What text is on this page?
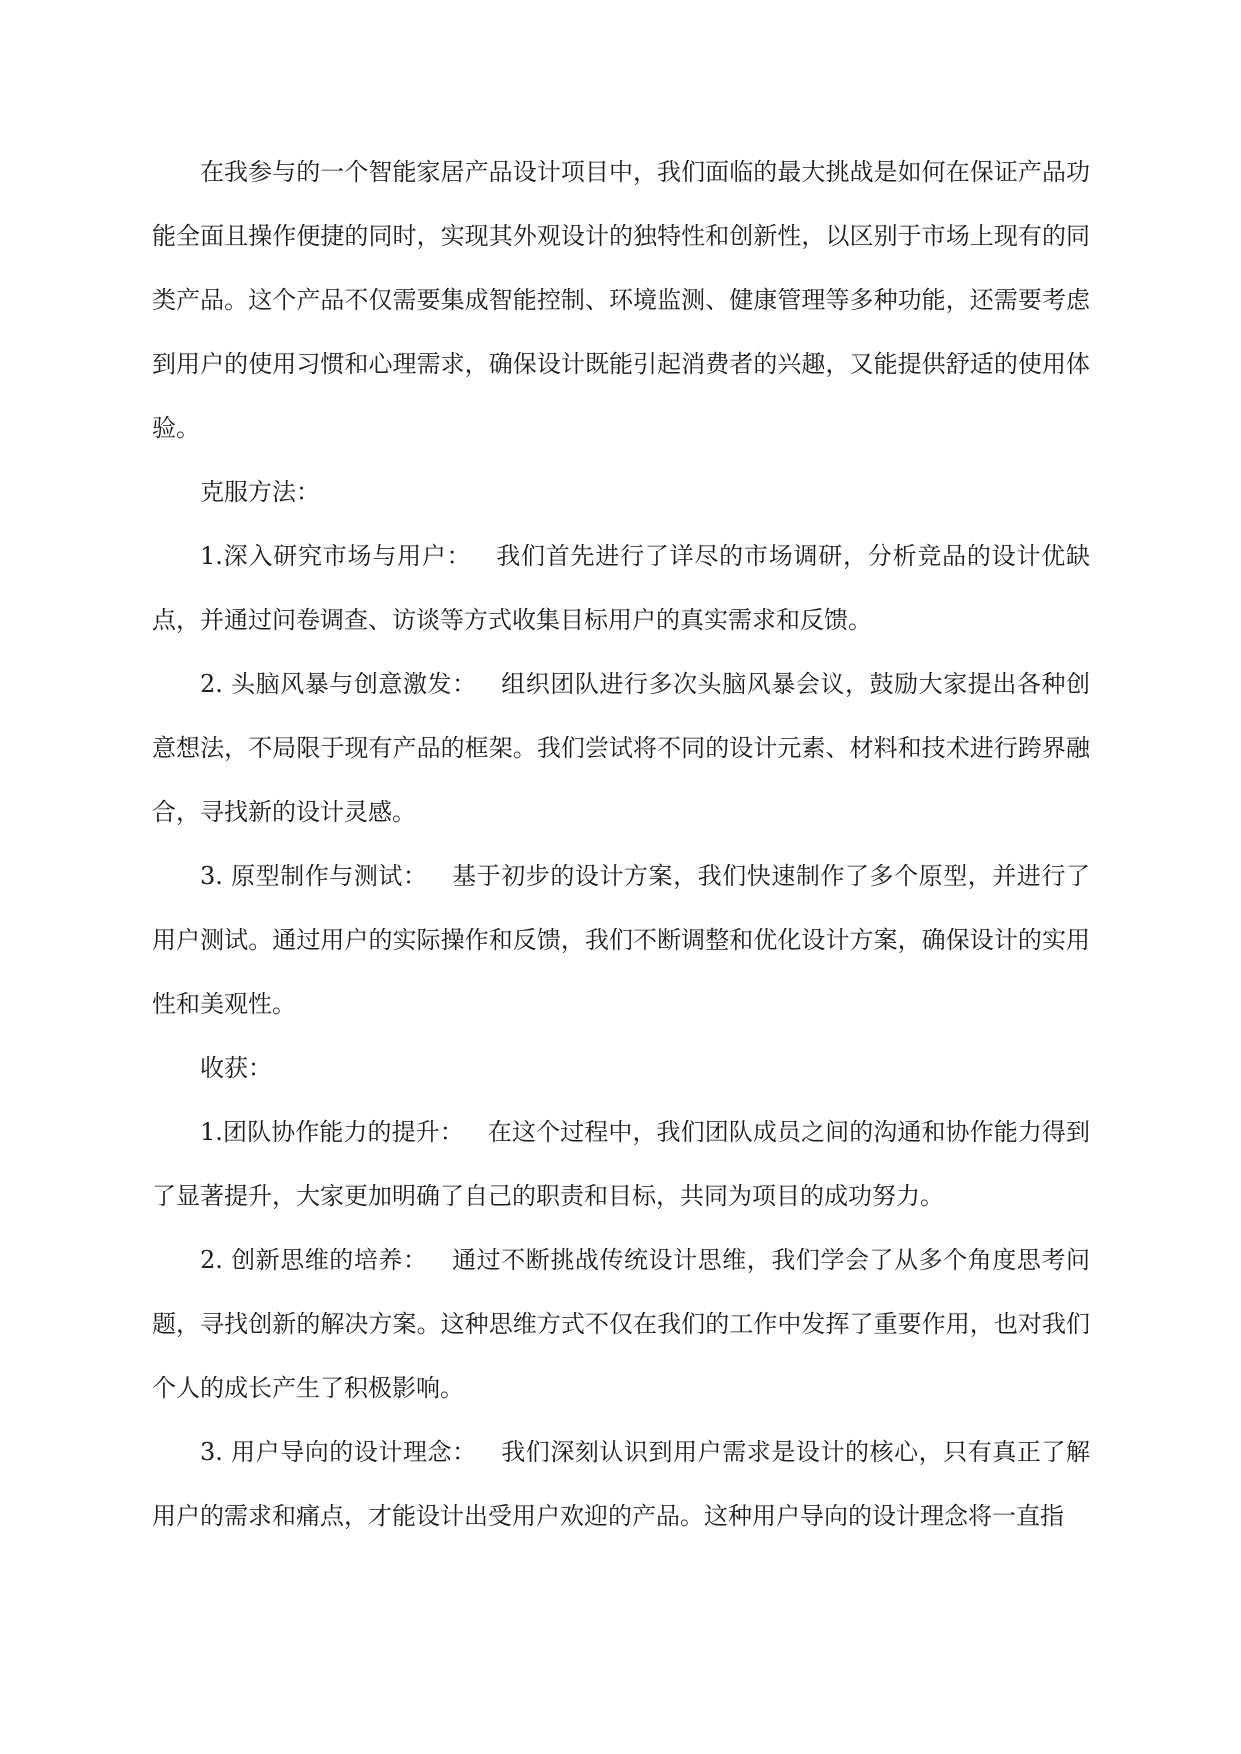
在我参与的一个智能家居产品设计项目中，我们面临的最大挑战是如何在保证产品功能全面且操作便捷的同时，实现其外观设计的独特性和创新性，以区别于市场上现有的同类产品。这个产品不仅需要集成智能控制、环境监测、健康管理等多种功能，还需要考虑到用户的使用习惯和心理需求，确保设计既能引起消费者的兴趣，又能提供舒适的使用体验。

克服方法：

1.深入研究市场与用户： 我们首先进行了详尽的市场调研，分析竞品的设计优缺点，并通过问卷调查、访谈等方式收集目标用户的真实需求和反馈。

2. 头脑风暴与创意激发： 组织团队进行多次头脑风暴会议，鼓励大家提出各种创意想法，不局限于现有产品的框架。我们尝试将不同的设计元素、材料和技术进行跨界融合，寻找新的设计灵感。

3. 原型制作与测试： 基于初步的设计方案，我们快速制作了多个原型，并进行了用户测试。通过用户的实际操作和反馈，我们不断调整和优化设计方案，确保设计的实用性和美观性。

收获：

1.团队协作能力的提升： 在这个过程中，我们团队成员之间的沟通和协作能力得到了显著提升，大家更加明确了自己的职责和目标，共同为项目的成功努力。

2. 创新思维的培养： 通过不断挑战传统设计思维，我们学会了从多个角度思考问题，寻找创新的解决方案。这种思维方式不仅在我们的工作中发挥了重要作用，也对我们个人的成长产生了积极影响。

3. 用户导向的设计理念： 我们深刻认识到用户需求是设计的核心，只有真正了解用户的需求和痛点，才能设计出受用户欢迎的产品。这种用户导向的设计理念将一直指
